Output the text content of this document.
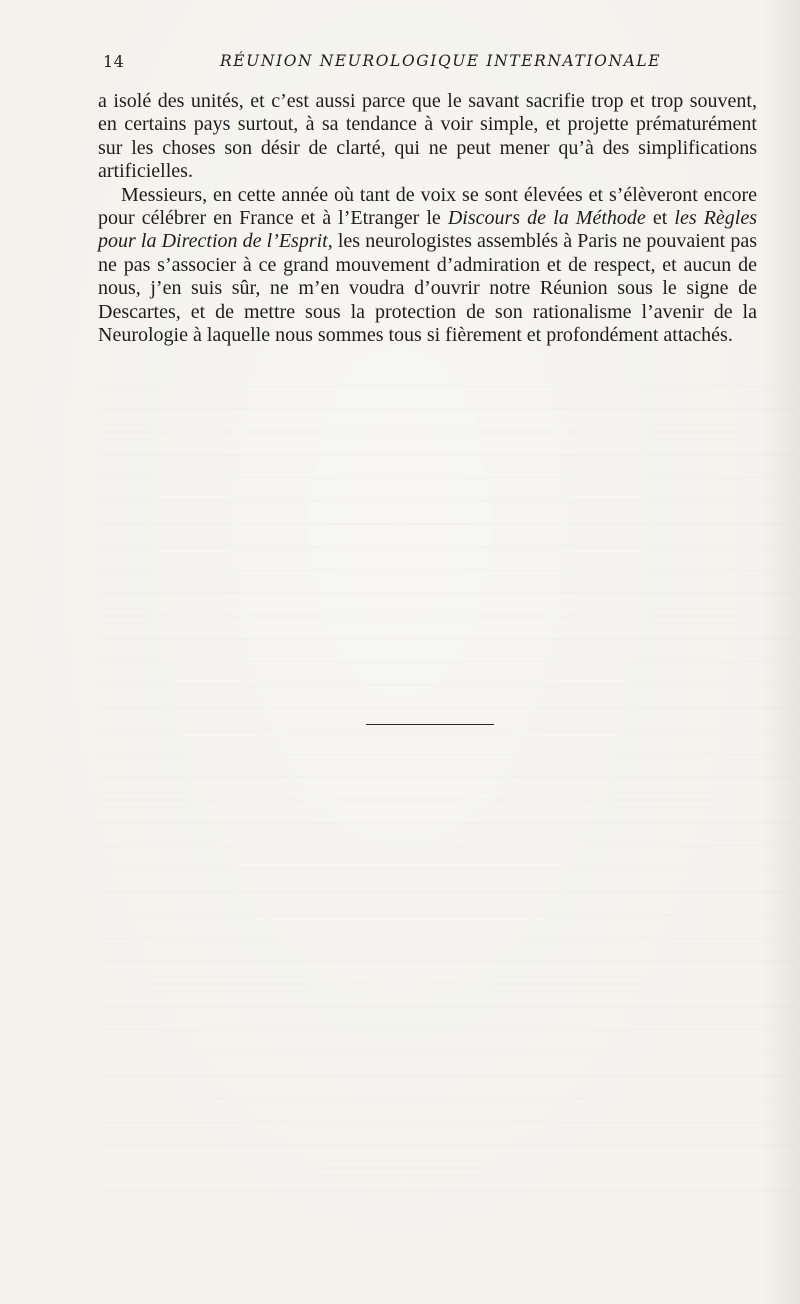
14	RÉUNION NEUROLOGIQUE INTERNATIONALE

a isolé des unités, et c’est aussi parce que le savant sacrifie trop et trop souvent, en certains pays surtout, à sa tendance à voir simple, et projette prématurément sur les choses son désir de clarté, qui ne peut mener qu’à des simplifications artificielles.

Messieurs, en cette année où tant de voix se sont élevées et s’élèveront encore pour célébrer en France et à l’Etranger le Discours de la Méthode et les Règles pour la Direction de l’Esprit, les neurologistes assemblés à Paris ne pouvaient pas ne pas s’associer à ce grand mouvement d’admiration et de respect, et aucun de nous, j’en suis sûr, ne m’en voudra d’ouvrir notre Réunion sous le signe de Descartes, et de mettre sous la protection de son rationalisme l’avenir de la Neurologie à laquelle nous sommes tous si fièrement et profondément attachés.
